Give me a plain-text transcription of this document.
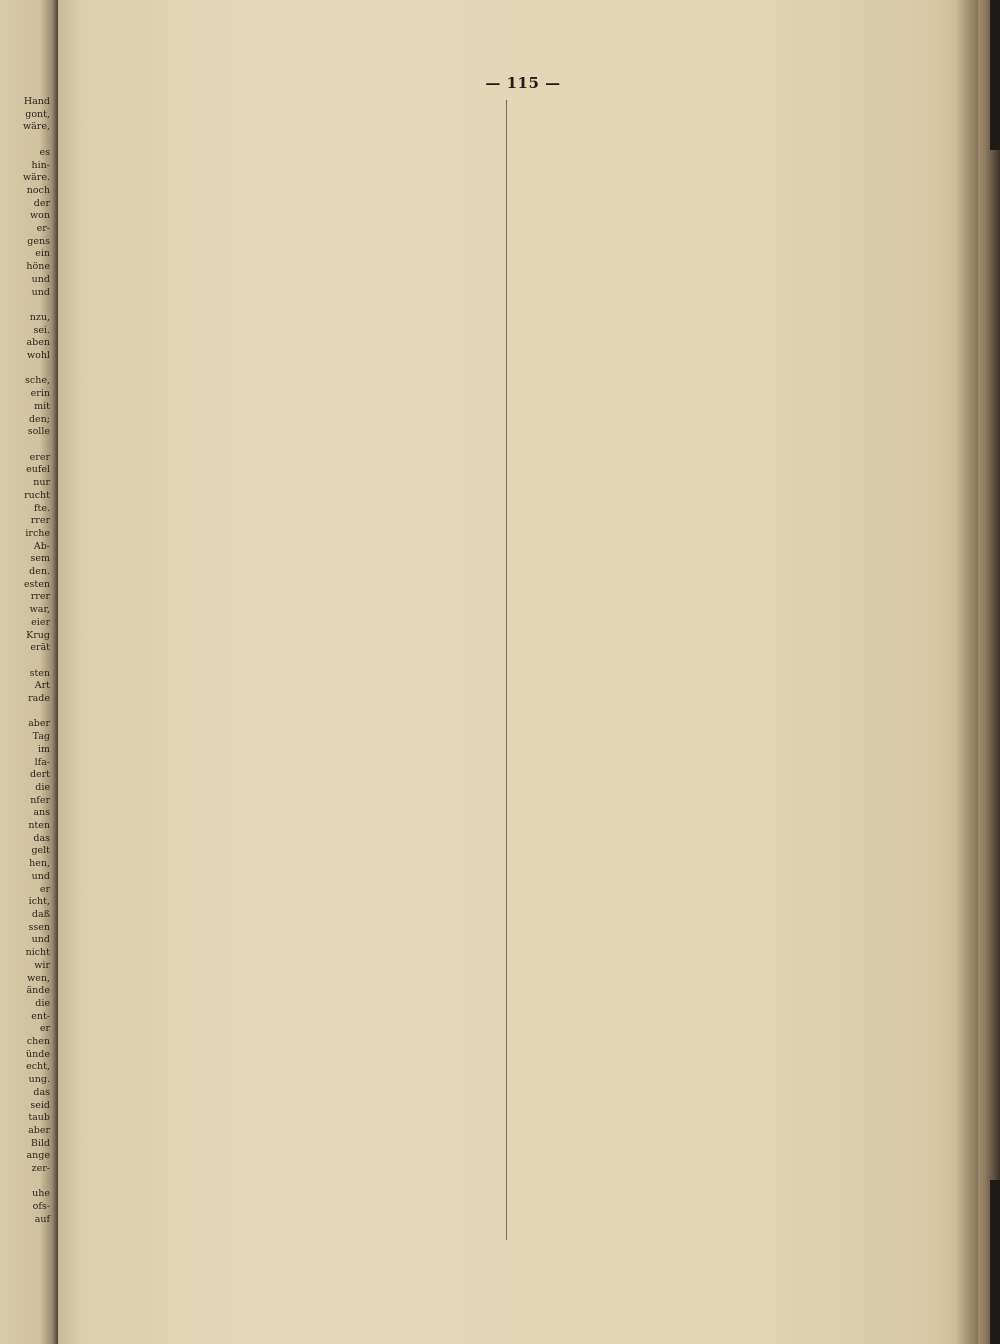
Hand
gont,
wäre,

es
hin-
wäre.
noch
der
won
er-
gens
ein
höne
und
und

nzu,
sei.
aben
wohl

sche,
erin
mit
den;
solle

erer
eufel
nur
rucht
fte.
rrer
irche
Ab-
sem
den.
esten
rrer
war,
eier
Krug
erät

sten
Art
rade

aber
Tag
im
lfa-
dert
die
nfer
ans
nten
das
gelt
hen,
und
er
icht,
daß
ssen
und
nicht
wir
wen,
ände
die
ent-
er
chen
ünde
echt,
ung.
das
seid
taub
aber
Bild
ange
zer-

uhe
ofs-
auf
— 115 —
